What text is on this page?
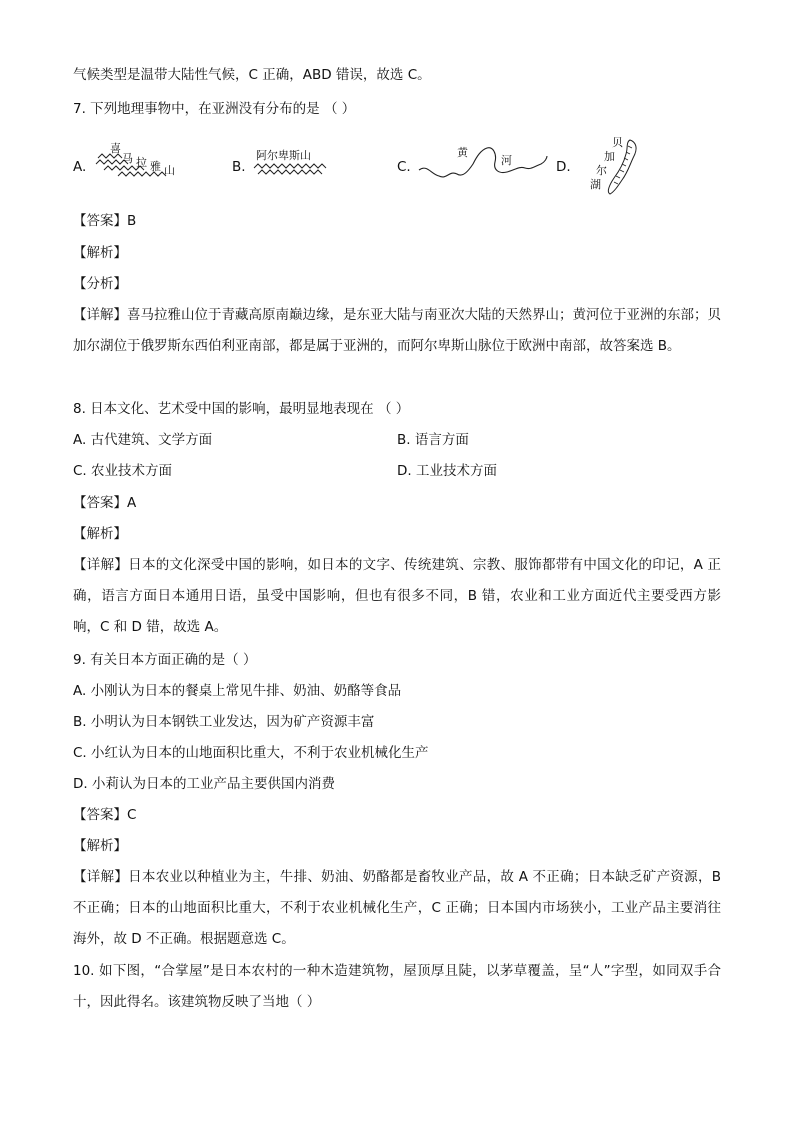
气候类型是温带大陆性气候，C 正确，ABD 错误，故选 C。
7. 下列地理事物中，在亚洲没有分布的是 （ ）
A.
喜
马 拉 雅 山	B.
阿尔卑斯山
C.
黄
河	D.
贝
加
尔
湖
【答案】B
【解析】
【分析】
【详解】喜马拉雅山位于青藏高原南巅边缘，是东亚大陆与南亚次大陆的天然界山；黄河位于亚洲的东部；贝加尔湖位于俄罗斯东西伯利亚南部，都是属于亚洲的，而阿尔卑斯山脉位于欧洲中南部，故答案选 B。
8. 日本文化、艺术受中国的影响，最明显地表现在 （ ）
A. 古代建筑、文学方面	B. 语言方面
C. 农业技术方面	D. 工业技术方面
【答案】A
【解析】
【详解】日本的文化深受中国的影响，如日本的文字、传统建筑、宗教、服饰都带有中国文化的印记，A 正确，语言方面日本通用日语，虽受中国影响，但也有很多不同，B 错，农业和工业方面近代主要受西方影响，C 和 D 错，故选 A。
9. 有关日本方面正确的是（ ）
A. 小刚认为日本的餐桌上常见牛排、奶油、奶酪等食品
B. 小明认为日本钢铁工业发达，因为矿产资源丰富
C. 小红认为日本的山地面积比重大，不利于农业机械化生产
D. 小莉认为日本的工业产品主要供国内消费
【答案】C
【解析】
【详解】日本农业以种植业为主，牛排、奶油、奶酪都是畜牧业产品，故 A 不正确；日本缺乏矿产资源，B 不正确；日本的山地面积比重大，不利于农业机械化生产，C 正确；日本国内市场狭小，工业产品主要消往海外，故 D 不正确。根据题意选 C。
10. 如下图，“合掌屋”是日本农村的一种木造建筑物，屋顶厚且陡，以茅草覆盖，呈“人”字型，如同双手合十，因此得名。该建筑物反映了当地（ ）
